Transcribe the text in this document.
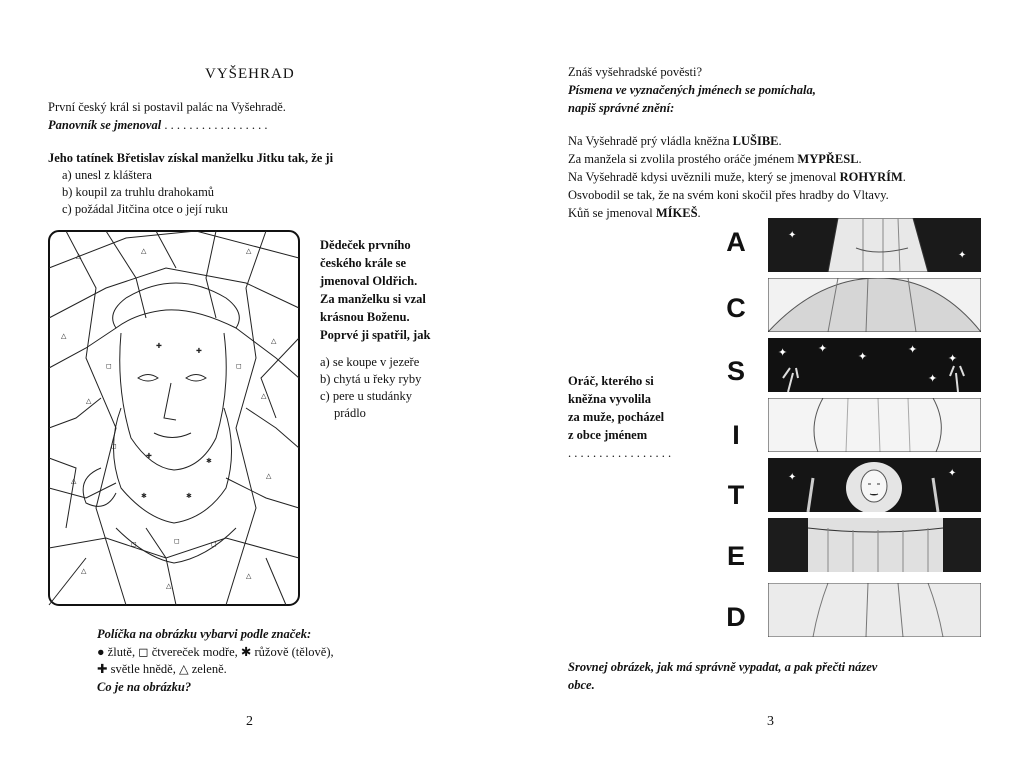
VYŠEHRAD
První český král si postavil palác na Vyšehradě.
Panovník se jmenoval . . . . . . . . . . . . . . . . .
Jeho tatínek Břetislav získal manželku Jitku tak, že ji
a) unesl z kláštera
b) koupil za truhlu drahokamů
c) požádal Jitčina otce o její ruku
△
△	△
△
△
△
△
△
△
△
△
△
✚
✚
✚
✱
✱
✱
◻	◻
◻
◻	◻
◻
Dědeček prvního
českého krále se
jmenoval Oldřich.
Za manželku si vzal
krásnou Boženu.
Poprvé ji spatřil, jak
a) se koupe v jezeře
b) chytá u řeky ryby
c) pere u studánky
prádlo
Políčka na obrázku vybarvi podle značek:
● žlutě, ◻ čtvereček modře, ✱ růžově (tělově),
✚ světle hnědě, △ zeleně.
Co je na obrázku?
2
Znáš vyšehradské pověsti?
Písmena ve vyznačených jménech se pomíchala,
napiš správné znění:
Na Vyšehradě prý vládla kněžna LUŠIBE.
Za manžela si zvolila prostého oráče jménem MYPŘESL.
Na Vyšehradě kdysi uvěznili muže, který se jmenoval ROHYRÍM.
Osvobodil se tak, že na svém koni skočil přes hradby do Vltavy.
Kůň se jmenoval MÍKEŠ.
Oráč, kterého si
kněžna vyvolila
za muže, pocházel
z obce jménem
. . . . . . . . . . . . . . . . .
A
C
S
I
T
E
D
✦
✦
✦	✦
✦
✦
✦
✦
✦	✦
Srovnej obrázek, jak má správně vypadat, a pak přečti název
obce.
3
